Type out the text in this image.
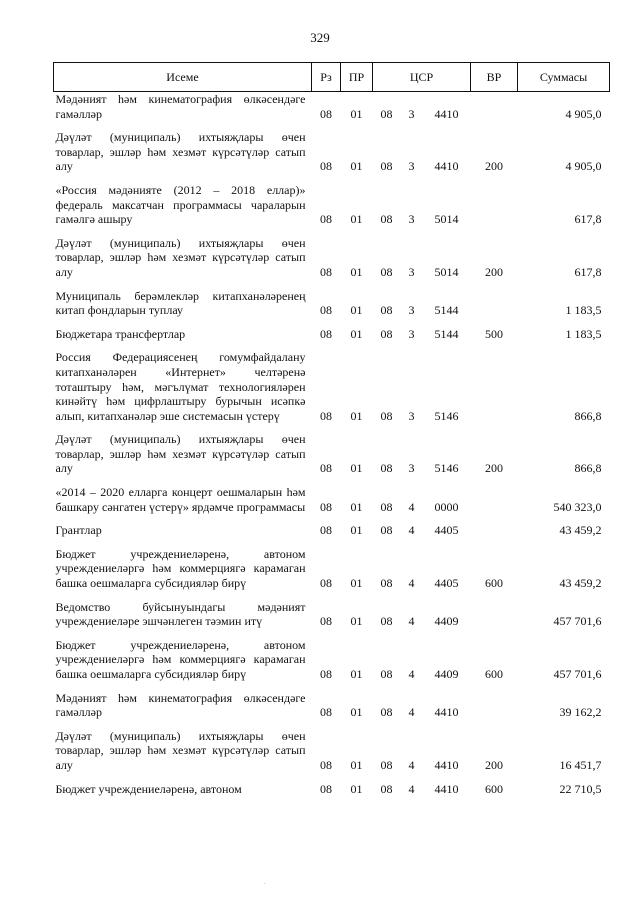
329
Исеме	Рз	ПР	ЦСР			ВР	Суммасы
Мәдәният һәм кинематография өлкәсендәге гамәлләр	08	01	08	3	4410		4 905,0
Дәүләт (муниципаль) ихтыяҗлары өчен товарлар, эшләр һәм хезмәт күрсәтүләр сатып алу	08	01	08	3	4410	200	4 905,0
«Россия мәдәнияте (2012 – 2018 еллар)» федераль максатчан программасы чараларын гамәлгә ашыру	08	01	08	3	5014		617,8
Дәүләт (муниципаль) ихтыяҗлары өчен товарлар, эшләр һәм хезмәт күрсәтүләр сатып алу	08	01	08	3	5014	200	617,8
Муниципаль берәмлекләр китапханәләренең китап фондларын туплау	08	01	08	3	5144		1 183,5
Бюджетара трансфертлар	08	01	08	3	5144	500	1 183,5
Россия Федерациясенең гомумфайдалану китапханәләрен «Интернет» челтәренә тоташтыру һәм, мәгълүмат технологияләрен кинәйтү һәм цифрлаштыру бурычын исәпкә алып, китапханәләр эше системасын үстерү	08	01	08	3	5146		866,8
Дәүләт (муниципаль) ихтыяҗлары өчен товарлар, эшләр һәм хезмәт күрсәтүләр сатып алу	08	01	08	3	5146	200	866,8
«2014 – 2020 елларга концерт оешмаларын һәм башкару сәнгатен үстерү» ярдәмче программасы	08	01	08	4	0000		540 323,0
Грантлар	08	01	08	4	4405		43 459,2
Бюджет учреждениеләренә, автоном учреждениеләргә һәм коммерциягә карамаган башка оешмаларга субсидияләр бирү	08	01	08	4	4405	600	43 459,2
Ведомство буйсынуындагы мәдәният учреждениеләре эшчәнлеген тәэмин итү	08	01	08	4	4409		457 701,6
Бюджет учреждениеләренә, автоном учреждениеләргә һәм коммерциягә карамаган башка оешмаларга субсидияләр бирү	08	01	08	4	4409	600	457 701,6
Мәдәният һәм кинематография өлкәсендәге гамәлләр	08	01	08	4	4410		39 162,2
Дәүләт (муниципаль) ихтыяҗлары өчен товарлар, эшләр һәм хезмәт күрсәтүләр сатып алу	08	01	08	4	4410	200	16 451,7
Бюджет учреждениеләренә, автоном	08	01	08	4	4410	600	22 710,5
.
